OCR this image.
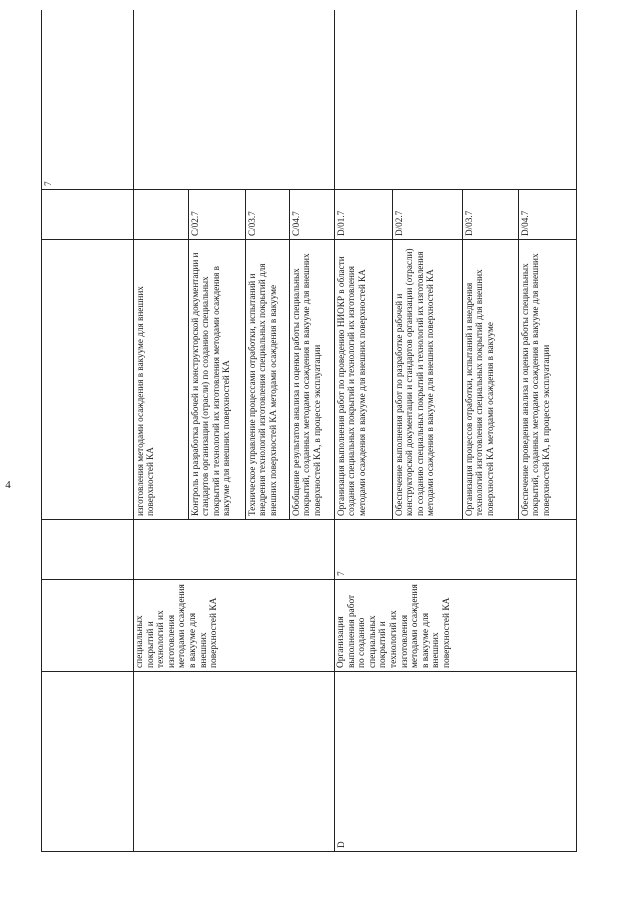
4
					7
	специальных покрытий и технологий их изготовления методами осаждения в вакууме для внешних поверхностей КА		изготовления методами осаждения в вакууме для внешних поверхностей КА		
			Контроль и разработка рабочей и конструкторской документации и стандартов организации (отрасли) по созданию специальных покрытий и технологий их изготовления методами осаждения в вакууме для внешних поверхностей КА	C/02.7	
			Техническое управление процессами отработки, испытаний и внедрения технологий изготовления специальных покрытий для внешних поверхностей КА методами осаждения в вакууме	C/03.7	
			Обобщение результатов анализа и оценки работы специальных покрытий, созданных методами осаждения в вакууме для внешних поверхностей КА, в процессе эксплуатации	C/04.7	
D	Организация выполнения работ по созданию специальных покрытий и технологий их изготовления методами осаждения в вакууме для внешних поверхностей КА	7	Организация выполнения работ по проведению НИОКР в области создания специальных покрытий и технологий их изготовления методами осаждения в вакууме для внешних поверхностей КА	D/01.7	
			Обеспечение выполнения работ по разработке рабочей и конструкторской документации и стандартов организации (отрасли) по созданию специальных покрытий и технологий их изготовления методами осаждения в вакууме для внешних поверхностей КА	D/02.7	
			Организация процессов отработки, испытаний и внедрения технологий изготовления специальных покрытий для внешних поверхностей КА методами осаждения в вакууме	D/03.7	
			Обеспечение проведения анализа и оценки работы специальных покрытий, созданных методами осаждения в вакууме для внешних поверхностей КА, в процессе эксплуатации	D/04.7	
